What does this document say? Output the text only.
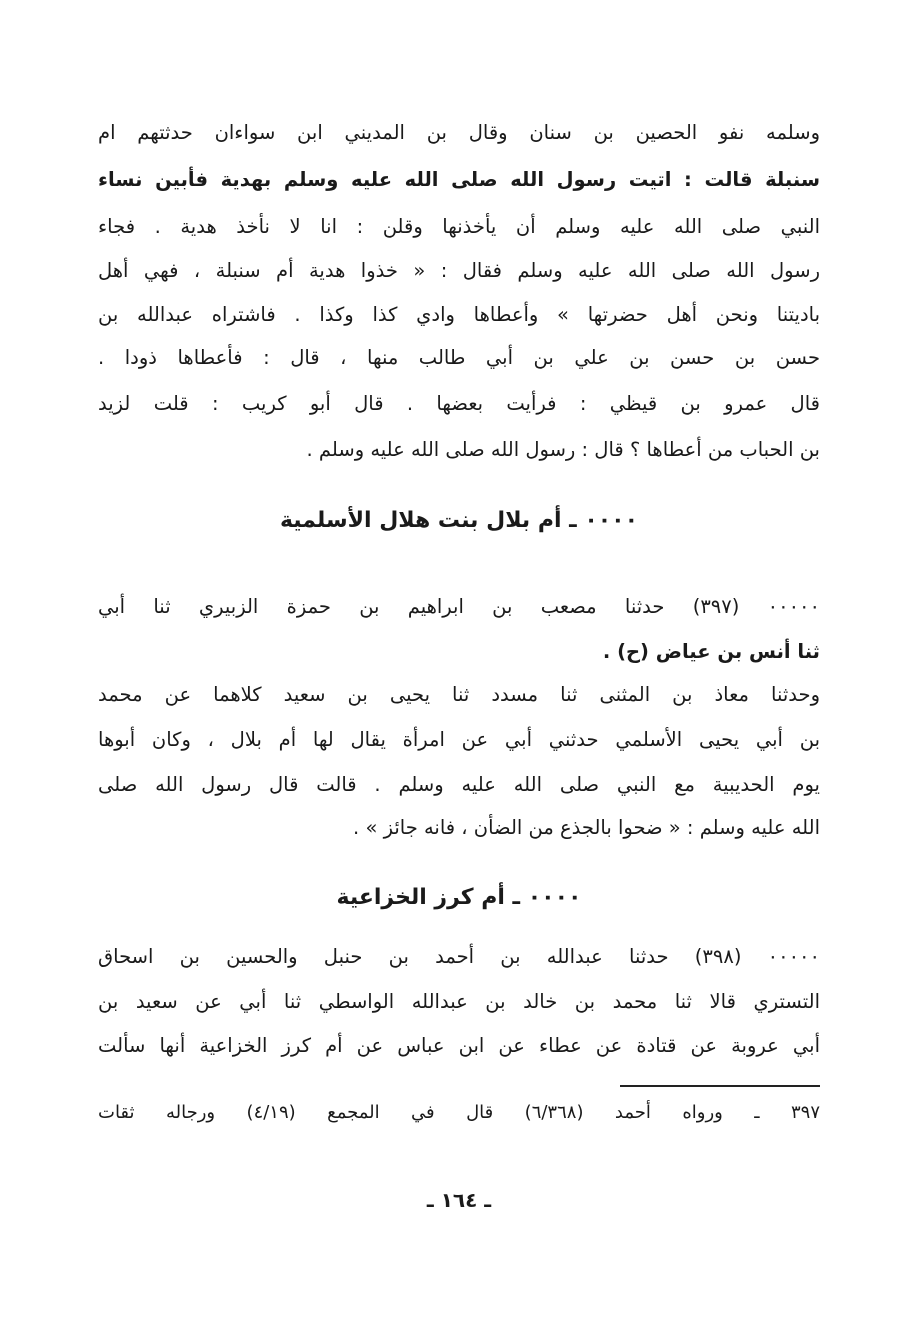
وسلمه نفو الحصين بن سنان وقال بن المديني ابن سواءان حدثتهم ام
سنبلة قالت : اتيت رسول الله صلى الله عليه وسلم بهدية فأبين نساء
النبي صلى الله عليه وسلم أن يأخذنها وقلن : انا لا نأخذ هدية . فجاء
رسول الله صلى الله عليه وسلم فقال : « خذوا هدية أم سنبلة ، فهي أهل
باديتنا ونحن أهل حضرتها » وأعطاها وادي كذا وكذا . فاشتراه عبدالله بن
حسن بن حسن بن علي بن أبي طالب منها ، قال : فأعطاها ذودا .
قال عمرو بن قيظي : فرأيت بعضها . قال أبو كريب : قلت لزيد
بن الحباب من أعطاها ؟ قال : رسول الله صلى الله عليه وسلم .
٠٠٠٠ ـ أم بلال بنت هلال الأسلمية
٠٠٠٠٠ (٣٩٧) حدثنا مصعب بن ابراهيم بن حمزة الزبيري ثنا أبي
ثنا أنس بن عياض (ح) .
وحدثنا معاذ بن المثنى ثنا مسدد ثنا يحيى بن سعيد كلاهما عن محمد
بن أبي يحيى الأسلمي حدثني أبي عن امرأة يقال لها أم بلال ، وكان أبوها
يوم الحديبية مع النبي صلى الله عليه وسلم . قالت قال رسول الله صلى
الله عليه وسلم : « ضحوا بالجذع من الضأن ، فانه جائز » .
٠٠٠٠ ـ أم كرز الخزاعية
٠٠٠٠٠ (٣٩٨) حدثنا عبدالله بن أحمد بن حنبل والحسين بن اسحاق
التستري قالا ثنا محمد بن خالد بن عبدالله الواسطي ثنا أبي عن سعيد بن
أبي عروبة عن قتادة عن عطاء عن ابن عباس عن أم كرز الخزاعية أنها سألت
٣٩٧ ـ ورواه أحمد (٦/٣٦٨) قال في المجمع (٤/١٩) ورجاله ثقات
ـ ١٦٤ ـ
